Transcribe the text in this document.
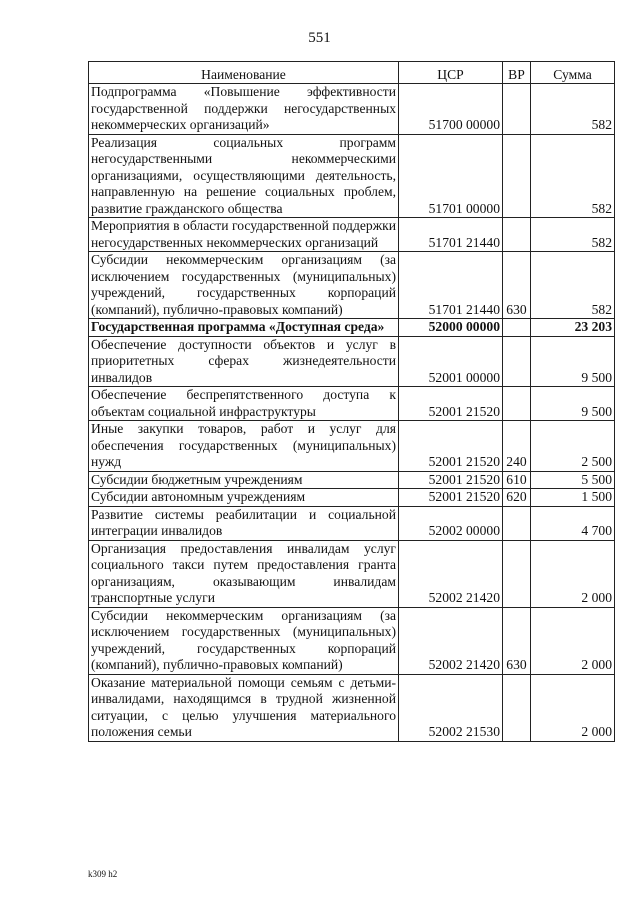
551
Наименование	ЦСР	ВР	Сумма
Подпрограмма «Повышение эффективности государственной поддержки негосударственных некоммерческих организаций»	51700 00000		582
Реализация социальных программ негосударственными некоммерческими организациями, осуществляющими деятельность, направленную на решение социальных проблем, развитие гражданского общества	51701 00000		582
Мероприятия в области государственной поддержки негосударственных некоммерческих организаций	51701 21440		582
Субсидии некоммерческим организациям (за исключением государственных (муниципальных) учреждений, государственных корпораций (компаний), публично-правовых компаний)	51701 21440	630	582
Государственная программа «Доступная среда»	52000 00000		23 203
Обеспечение доступности объектов и услуг в приоритетных сферах жизнедеятельности инвалидов	52001 00000		9 500
Обеспечение беспрепятственного доступа к объектам социальной инфраструктуры	52001 21520		9 500
Иные закупки товаров, работ и услуг для обеспечения государственных (муниципальных) нужд	52001 21520	240	2 500
Субсидии бюджетным учреждениям	52001 21520	610	5 500
Субсидии автономным учреждениям	52001 21520	620	1 500
Развитие системы реабилитации и социальной интеграции инвалидов	52002 00000		4 700
Организация предоставления инвалидам услуг социального такси путем предоставления гранта организациям, оказывающим инвалидам транспортные услуги	52002 21420		2 000
Субсидии некоммерческим организациям (за исключением государственных (муниципальных) учреждений, государственных корпораций (компаний), публично-правовых компаний)	52002 21420	630	2 000
Оказание материальной помощи семьям с детьми-инвалидами, находящимся в трудной жизненной ситуации, с целью улучшения материального положения семьи	52002 21530		2 000
k309 h2
